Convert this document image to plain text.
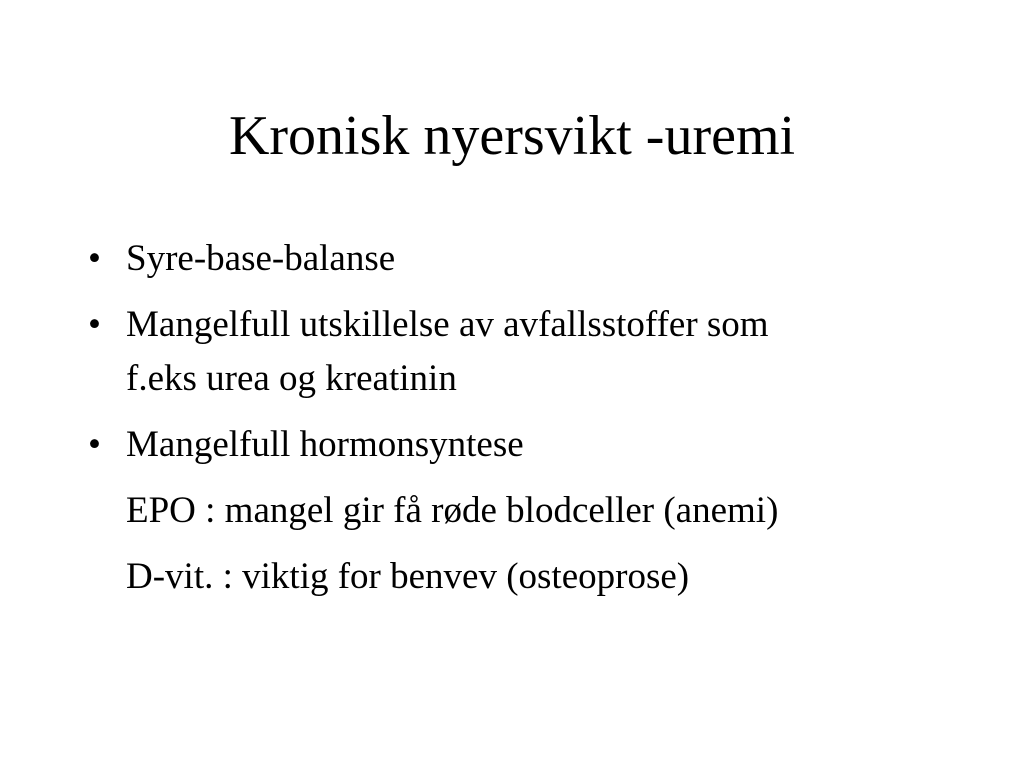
Kronisk nyersvikt -uremi
• Syre-base-balanse
• Mangelfull utskillelse av avfallsstoffer som
f.eks urea og kreatinin
• Mangelfull hormonsyntese
EPO : mangel gir få røde blodceller (anemi)
D-vit. : viktig for benvev (osteoprose)
